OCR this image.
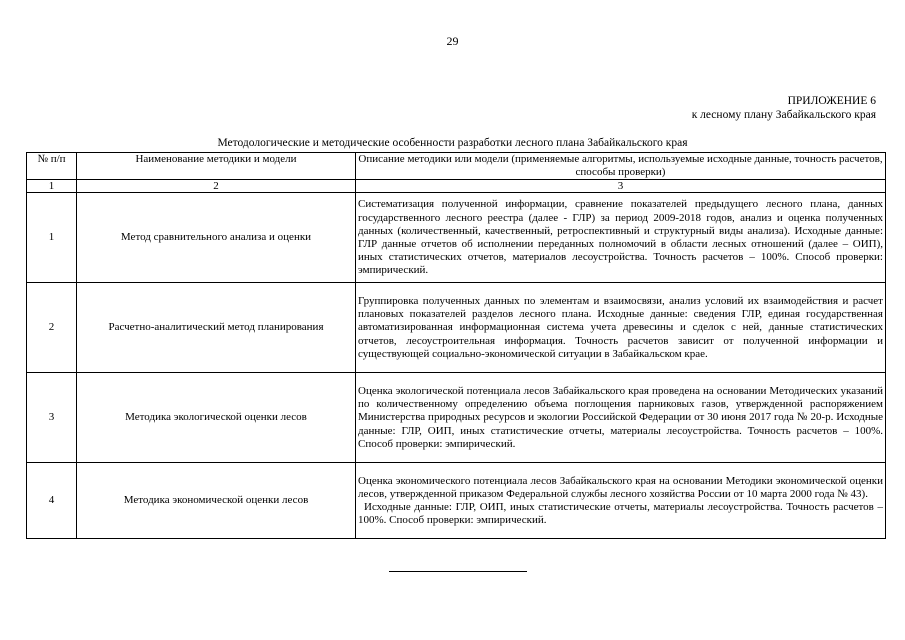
29
ПРИЛОЖЕНИЕ 6
к лесному плану Забайкальского края
Методологические и методические особенности разработки лесного плана Забайкальского края
№ п/п	Наименование методики и модели	Описание методики или модели (применяемые алгоритмы, используемые исходные данные, точность расчетов, способы проверки)
1	2	3
1	Метод сравнительного анализа и оценки	Систематизация полученной информации, сравнение показателей предыдущего лесного плана, данных государственного лесного реестра (далее - ГЛР) за период 2009-2018 годов, анализ и оценка полученных данных (количественный, качественный, ретроспективный и структурный виды анализа). Исходные данные: ГЛР данные отчетов об исполнении переданных полномочий в области лесных отношений (далее – ОИП), иных статистических отчетов, материалов лесоустройства. Точность расчетов – 100%. Способ проверки: эмпирический.
2	Расчетно-аналитический метод планирования	Группировка полученных данных по элементам и взаимосвязи, анализ условий их взаимодействия и расчет плановых показателей разделов лесного плана. Исходные данные: сведения ГЛР, единая государственная автоматизированная информационная система учета древесины и сделок с ней, данные статистических отчетов, лесоустроительная информация. Точность расчетов зависит от полученной информации и существующей социально-экономической ситуации в Забайкальском крае.
3	Методика экологической оценки лесов	Оценка экологической потенциала лесов Забайкальского края проведена на основании Методических указаний по количественному определению объема поглощения парниковых газов, утвержденной распоряжением Министерства природных ресурсов и экологии Российской Федерации от 30 июня 2017 года № 20-р. Исходные данные: ГЛР, ОИП, иных статистические отчеты, материалы лесоустройства. Точность расчетов – 100%. Способ проверки: эмпирический.
4	Методика экономической оценки лесов	Оценка экономического потенциала лесов Забайкальского края на основании Методики экономической оценки лесов, утвержденной приказом Федеральной службы лесного хозяйства России от 10 марта 2000 года № 43).
Исходные данные: ГЛР, ОИП, иных статистические отчеты, материалы лесоустройства. Точность расчетов – 100%. Способ проверки: эмпирический.
